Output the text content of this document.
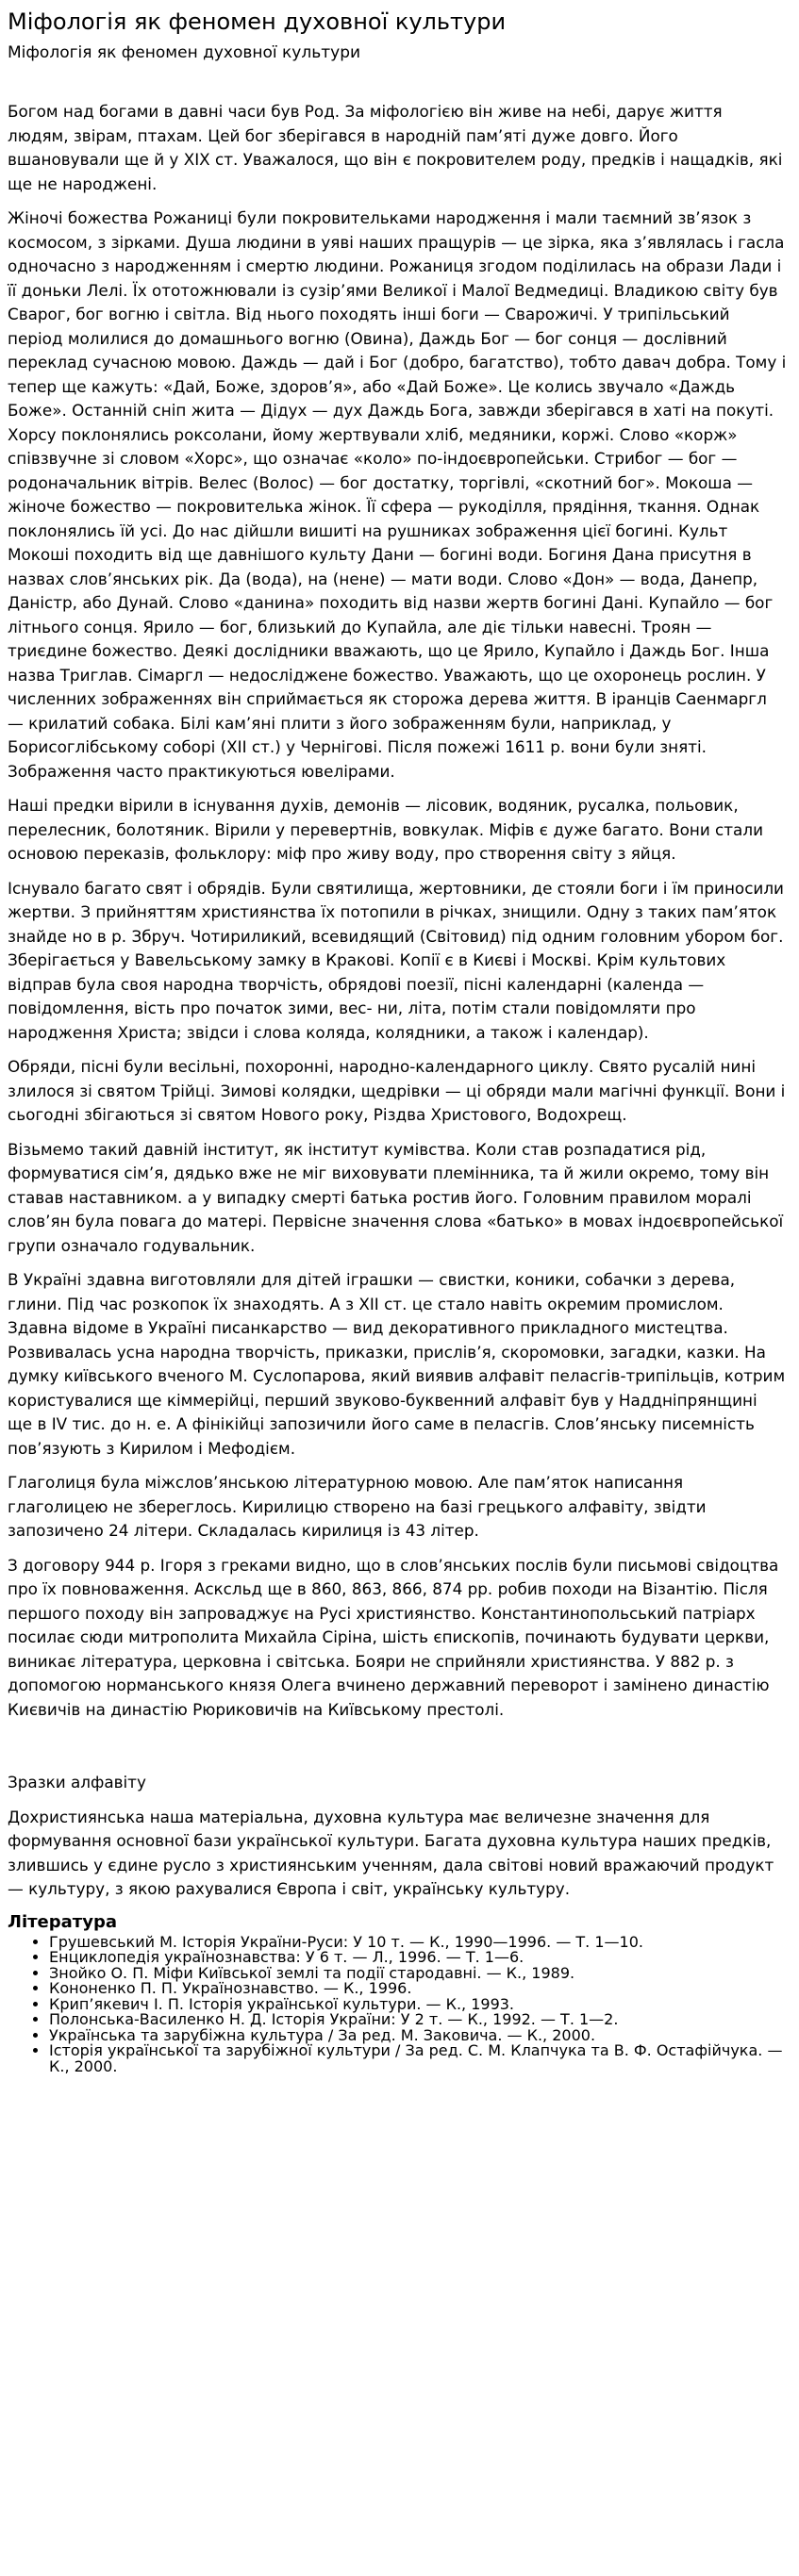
Міфологія як феномен духовної культури
Міфологія як феномен духовної культури

Богом над богами в давні часи був Род. За міфологією він живе на небі, дарує життя людям, звірам, птахам. Цей бог зберігався в народній пам’яті дуже довго. Його вшановували ще й у XIX ст. Уважалося, що він є покровителем роду, предків і нащадків, які ще не народжені.

Жіночі божества Рожаниці були покровительками народження і мали таємний зв’язок з космосом, з зірками. Душа людини в уяві наших пращурів — це зірка, яка з’являлась і гасла одночасно з народженням і смертю людини. Рожаниця згодом поділилась на образи Лади і її доньки Лелі. Їх ототожнювали із сузір’ями Великої і Малої Ведмедиці. Владикою світу був Сварог, бог вогню і світла. Від нього походять інші боги — Сварожичі. У трипільський період молилися до домашнього вогню (Овина), Даждь Бог — бог сонця — дослівний переклад сучасною мовою. Даждь — дай і Бог (добро, багатство), тобто давач добра. Тому і тепер ще кажуть: «Дай, Боже, здоров’я», або «Дай Боже». Це колись звучало «Даждь Боже». Останній сніп жита — Дідух — дух Даждь Бога, завжди зберігався в хаті на покуті. Хорсу поклонялись роксолани, йому жертвували хліб, медяники, коржі. Слово «корж» співзвучне зі словом «Хорс», що означає «коло» по-індоєвропейськи. Стрибог — бог — родоначальник вітрів. Велес (Волос) — бог достатку, торгівлі, «скотний бог». Мокоша — жіноче божество — покровителька жінок. Її сфера — рукоділля, прядіння, ткання. Однак поклонялись їй усі. До нас дійшли вишиті на рушниках зображення цієї богині. Культ Мокоші походить від ще давнішого культу Дани — богині води. Богиня Дана присутня в назвах слов’янських рік. Да (вода), на (нене) — мати води. Слово «Дон» — вода, Данепр, Даністр, або Дунай. Слово «данина» походить від назви жертв богині Дані. Купайло — бог літнього сонця. Ярило — бог, близький до Купайла, але діє тільки навесні. Троян — триєдине божество. Деякі дослідники вважають, що це Ярило, Купайло і Даждь Бог. Інша назва Триглав. Сімаргл — недосліджене божество. Уважають, що це охоронець рослин. У численних зображеннях він сприймається як сторожа дерева життя. В іранців Саенмаргл — крилатий собака. Білі кам’яні плити з його зображенням були, наприклад, у Борисоглібському соборі (XII ст.) у Чернігові. Після пожежі 1611 р. вони були зняті. Зображення часто практикуються ювелірами.

Наші предки вірили в існування духів, демонів — лісовик, водяник, русалка, польовик, перелесник, болотяник. Вірили у перевертнів, вовкулак. Міфів є дуже багато. Вони стали основою переказів, фольклору: міф про живу воду, про створення світу з яйця.

Існувало багато свят і обрядів. Були святилища, жертовники, де стояли боги і їм приносили жертви. З прийняттям християнства їх потопили в річках, знищили. Одну з таких пам’яток знайде но в р. Збруч. Чотириликий, всевидящий (Світовид) під одним головним убором бог. Зберігається у Вавельському замку в Кракові. Копії є в Києві і Москві. Крім культових відправ була своя народна творчість, обрядові поезії, пісні календарні (календа — повідомлення, вість про початок зими, вес- ни, літа, потім стали повідомляти про народження Христа; звідси і слова коляда, колядники, а також і календар).

Обряди, пісні були весільні, похоронні, народно-календарного циклу. Свято русалій нині злилося зі святом Трійці. Зимові колядки, щедрівки — ці обряди мали магічні функції. Вони і сьогодні збігаються зі святом Нового року, Різдва Христового, Водохрещ.

Візьмемо такий давній інститут, як інститут кумівства. Коли став розпадатися рід, формуватися сім’я, дядько вже не міг виховувати племінника, та й жили окремо, тому він ставав наставником. а у випадку смерті батька ростив його. Головним правилом моралі слов’ян була повага до матері. Первісне значення слова «батько» в мовах індоєвропейської групи означало годувальник.

В Україні здавна виготовляли для дітей іграшки — свистки, коники, собачки з дерева, глини. Під час розкопок їх знаходять. А з XII ст. це стало навіть окремим промислом. Здавна відоме в Україні писанкарство — вид декоративного прикладного мистецтва. Розвивалась усна народна творчість, приказки, прислів’я, скоромовки, загадки, казки. На думку київського вченого М. Суслопарова, який виявив алфавіт пеласгів-трипільців, котрим користувалися ще кіммерійці, перший звуково-буквенний алфавіт був у Наддніпрянщині ще в IV тис. до н. е. А фінікійці запозичили його саме в пеласгів. Слов’янську писемність пов’язують з Кирилом і Мефодієм.

Глаголиця була міжслов’янською літературною мовою. Але пам’яток написання глаголицею не збереглось. Кирилицю створено на базі грецького алфавіту, звідти запозичено 24 літери. Складалась кирилиця із 43 літер.

З договору 944 р. Ігоря з греками видно, що в слов’янських послів були письмові свідоцтва про їх повноваження. Асксльд ще в 860, 863, 866, 874 рр. робив походи на Візантію. Після першого походу він запроваджує на Русі християнство. Константинопольський патріарх посилає сюди митрополита Михайла Сіріна, шість єпископів, починають будувати церкви, виникає література, церковна і світська. Бояри не сприйняли християнства. У 882 р. з допомогою норманського князя Олега вчинено державний переворот і замінено династію Києвичів на династію Рюриковичів на Київському престолі.

Зразки алфавіту

Дохристиянська наша матеріальна, духовна культура має величезне значення для формування основної бази української культури. Багата духовна культура наших предків, злившись у єдине русло з християнським ученням, дала світові новий вражаючий продукт — культуру, з якою рахувалися Європа і світ, українську культуру.

Література
• Грушевський М. Історія України-Руси: У 10 т. — К., 1990—1996. — Т. 1—10.
• Енциклопедія українознавства: У 6 т. — Л., 1996. — Т. 1—6.
• Знойко О. П. Міфи Київської землі та події стародавні. — К., 1989.
• Кононенко П. П. Українознавство. — К., 1996.
• Крип’якевич І. П. Історія української культури. — К., 1993.
• Полонська-Василенко Н. Д. Історія України: У 2 т. — К., 1992. — Т. 1—2.
• Українська та зарубіжна культура / За ред. М. Заковича. — К., 2000.
• Історія української та зарубіжної культури / За ред. С. М. Клапчука та В. Ф. Остафійчука. — К., 2000.
